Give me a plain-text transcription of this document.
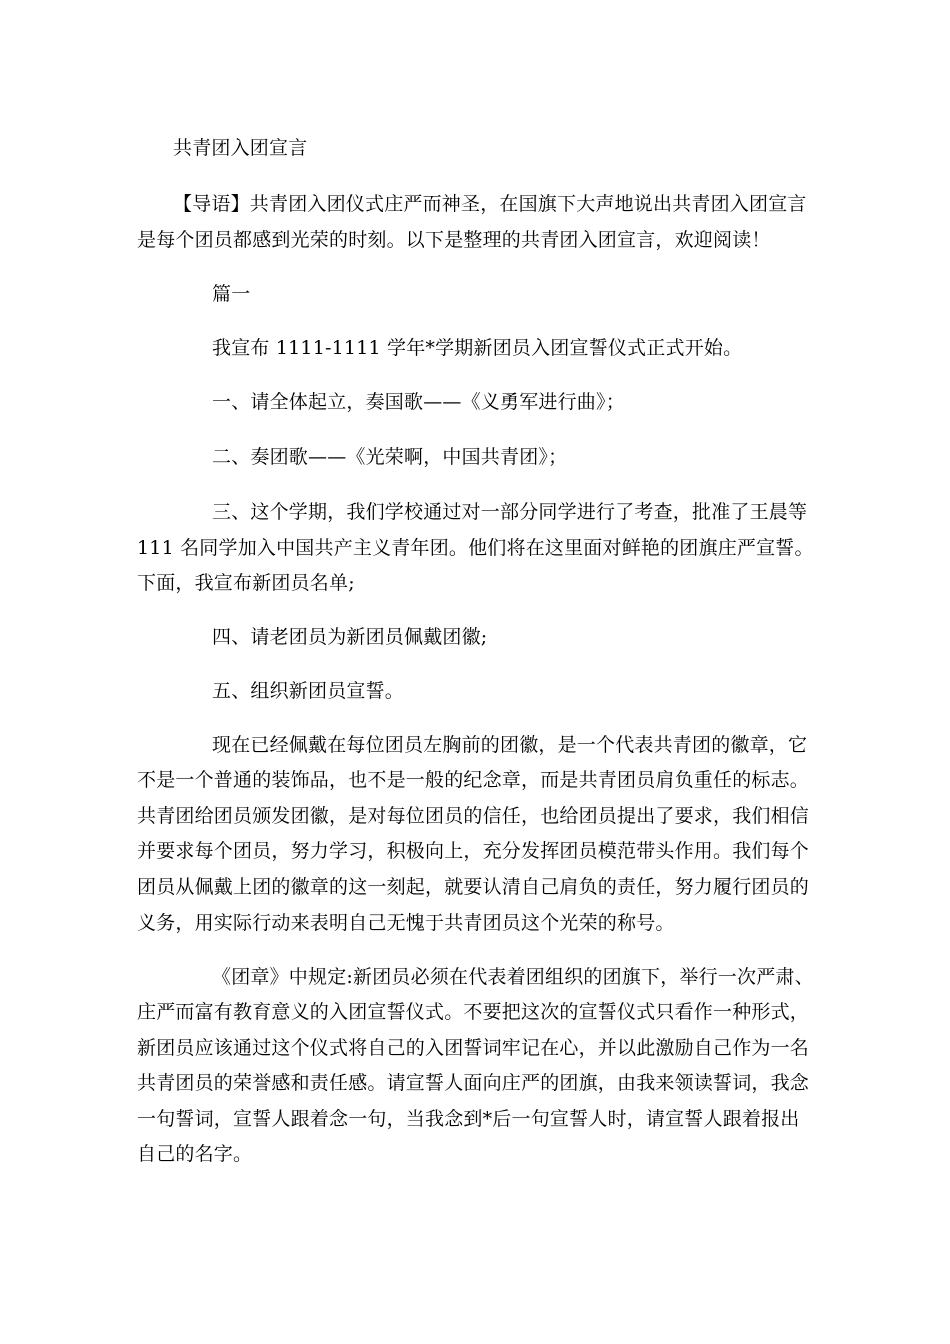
共青团入团宣言
【导语】共青团入团仪式庄严而神圣，在国旗下大声地说出共青团入团宣言
是每个团员都感到光荣的时刻。以下是整理的共青团入团宣言，欢迎阅读！
篇一
我宣布 1111-1111 学年*学期新团员入团宣誓仪式正式开始。
一、请全体起立，奏国歌——《义勇军进行曲》；
二、奏团歌——《光荣啊，中国共青团》；
三、这个学期，我们学校通过对一部分同学进行了考查，批准了王晨等
111 名同学加入中国共产主义青年团。他们将在这里面对鲜艳的团旗庄严宣誓。
下面，我宣布新团员名单;
四、请老团员为新团员佩戴团徽;
五、组织新团员宣誓。
现在已经佩戴在每位团员左胸前的团徽，是一个代表共青团的徽章，它
不是一个普通的装饰品，也不是一般的纪念章，而是共青团员肩负重任的标志。
共青团给团员颁发团徽，是对每位团员的信任，也给团员提出了要求，我们相信
并要求每个团员，努力学习，积极向上，充分发挥团员模范带头作用。我们每个
团员从佩戴上团的徽章的这一刻起，就要认清自己肩负的责任，努力履行团员的
义务，用实际行动来表明自己无愧于共青团员这个光荣的称号。
《团章》中规定:新团员必须在代表着团组织的团旗下，举行一次严肃、
庄严而富有教育意义的入团宣誓仪式。不要把这次的宣誓仪式只看作一种形式，
新团员应该通过这个仪式将自己的入团誓词牢记在心，并以此激励自己作为一名
共青团员的荣誉感和责任感。请宣誓人面向庄严的团旗，由我来领读誓词，我念
一句誓词，宣誓人跟着念一句，当我念到*后一句宣誓人时，请宣誓人跟着报出
自己的名字。
